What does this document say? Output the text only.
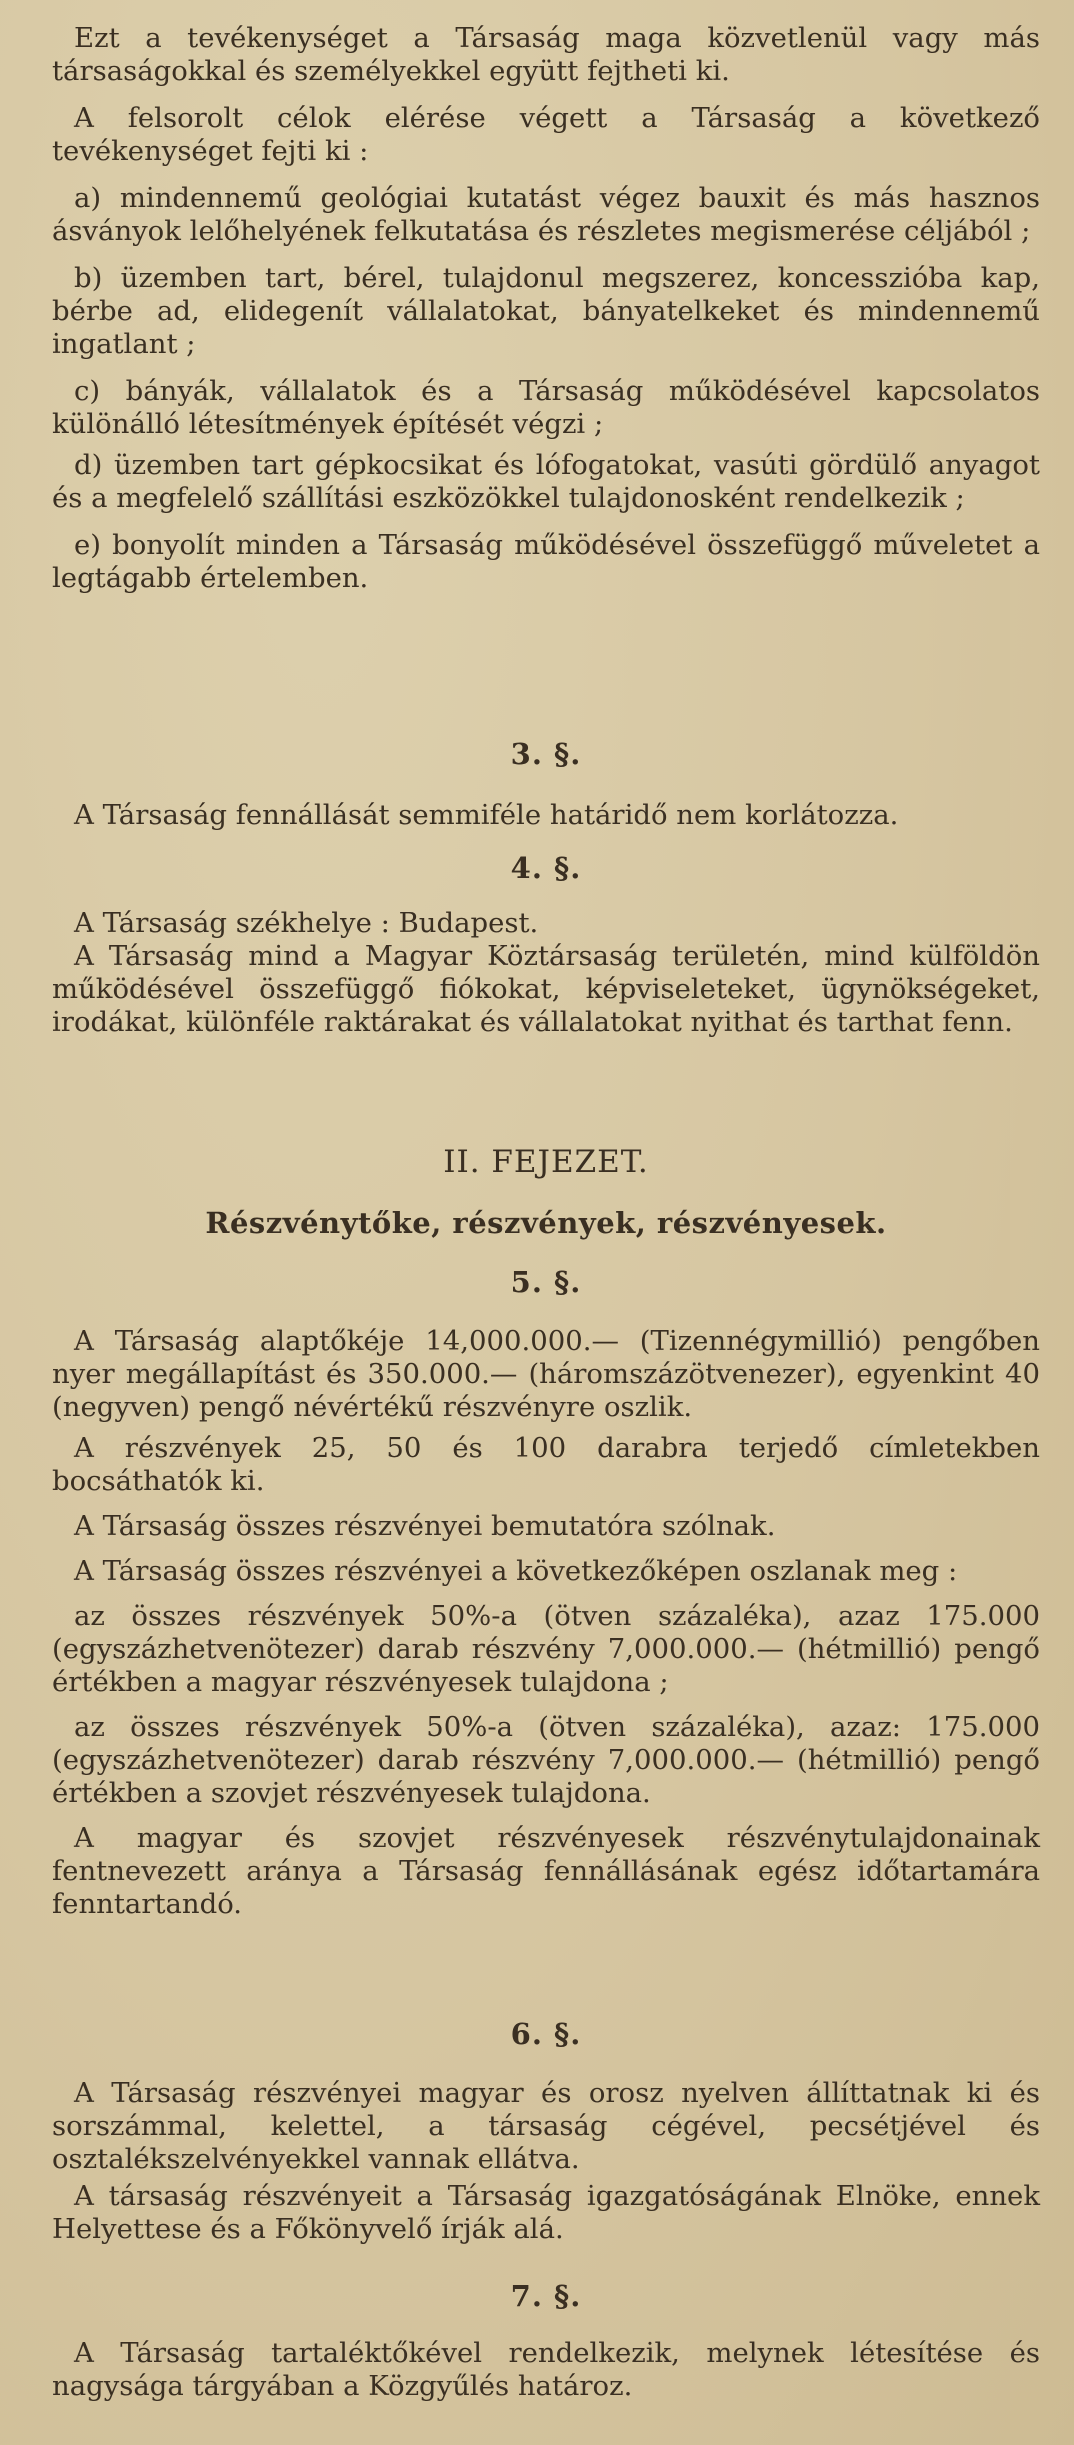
Ezt a tevékenységet a Társaság maga közvetlenül vagy más társaságokkal és személyekkel együtt fejtheti ki.

A felsorolt célok elérése végett a Társaság a következő tevékenységet fejti ki :

a) mindennemű geológiai kutatást végez bauxit és más hasznos ásványok lelőhelyének felkutatása és részletes megismerése céljából ;

b) üzemben tart, bérel, tulajdonul megszerez, koncesszióba kap, bérbe ad, elidegenít vállalatokat, bányatelkeket és mindennemű ingatlant ;

c) bányák, vállalatok és a Társaság működésével kapcsolatos különálló létesítmények építését végzi ;

d) üzemben tart gépkocsikat és lófogatokat, vasúti gördülő anyagot és a megfelelő szállítási eszközökkel tulajdonosként rendelkezik ;

e) bonyolít minden a Társaság működésével összefüggő műveletet a legtágabb értelemben.

3. §.

A Társaság fennállását semmiféle határidő nem korlátozza.

4. §.

A Társaság székhelye : Budapest.

A Társaság mind a Magyar Köztársaság területén, mind külföldön működésével összefüggő fiókokat, képviseleteket, ügynökségeket, irodákat, különféle raktárakat és vállalatokat nyithat és tarthat fenn.

II. FEJEZET.
Részvénytőke, részvények, részvényesek.
5. §.

A Társaság alaptőkéje 14,000.000.— (Tizennégymillió) pengőben nyer megállapítást és 350.000.— (háromszázötvenezer), egyenkint 40 (negyven) pengő névértékű részvényre oszlik.

A részvények 25, 50 és 100 darabra terjedő címletekben bocsáthatók ki.

A Társaság összes részvényei bemutatóra szólnak.

A Társaság összes részvényei a következőképen oszlanak meg :

az összes részvények 50%-a (ötven százaléka), azaz 175.000 (egyszázhetvenötezer) darab részvény 7,000.000.— (hétmillió) pengő értékben a magyar részvényesek tulajdona ;

az összes részvények 50%-a (ötven százaléka), azaz: 175.000 (egyszázhetvenötezer) darab részvény 7,000.000.— (hétmillió) pengő értékben a szovjet részvényesek tulajdona.

A magyar és szovjet részvényesek részvénytulajdonainak fentnevezett aránya a Társaság fennállásának egész időtartamára fenntartandó.

6. §.

A Társaság részvényei magyar és orosz nyelven állíttatnak ki és sorszámmal, kelettel, a társaság cégével, pecsétjével és osztalékszelvényekkel vannak ellátva.

A társaság részvényeit a Társaság igazgatóságának Elnöke, ennek Helyettese és a Főkönyvelő írják alá.

7. §.

A Társaság tartaléktőkével rendelkezik, melynek létesítése és nagysága tárgyában a Közgyűlés határoz.
